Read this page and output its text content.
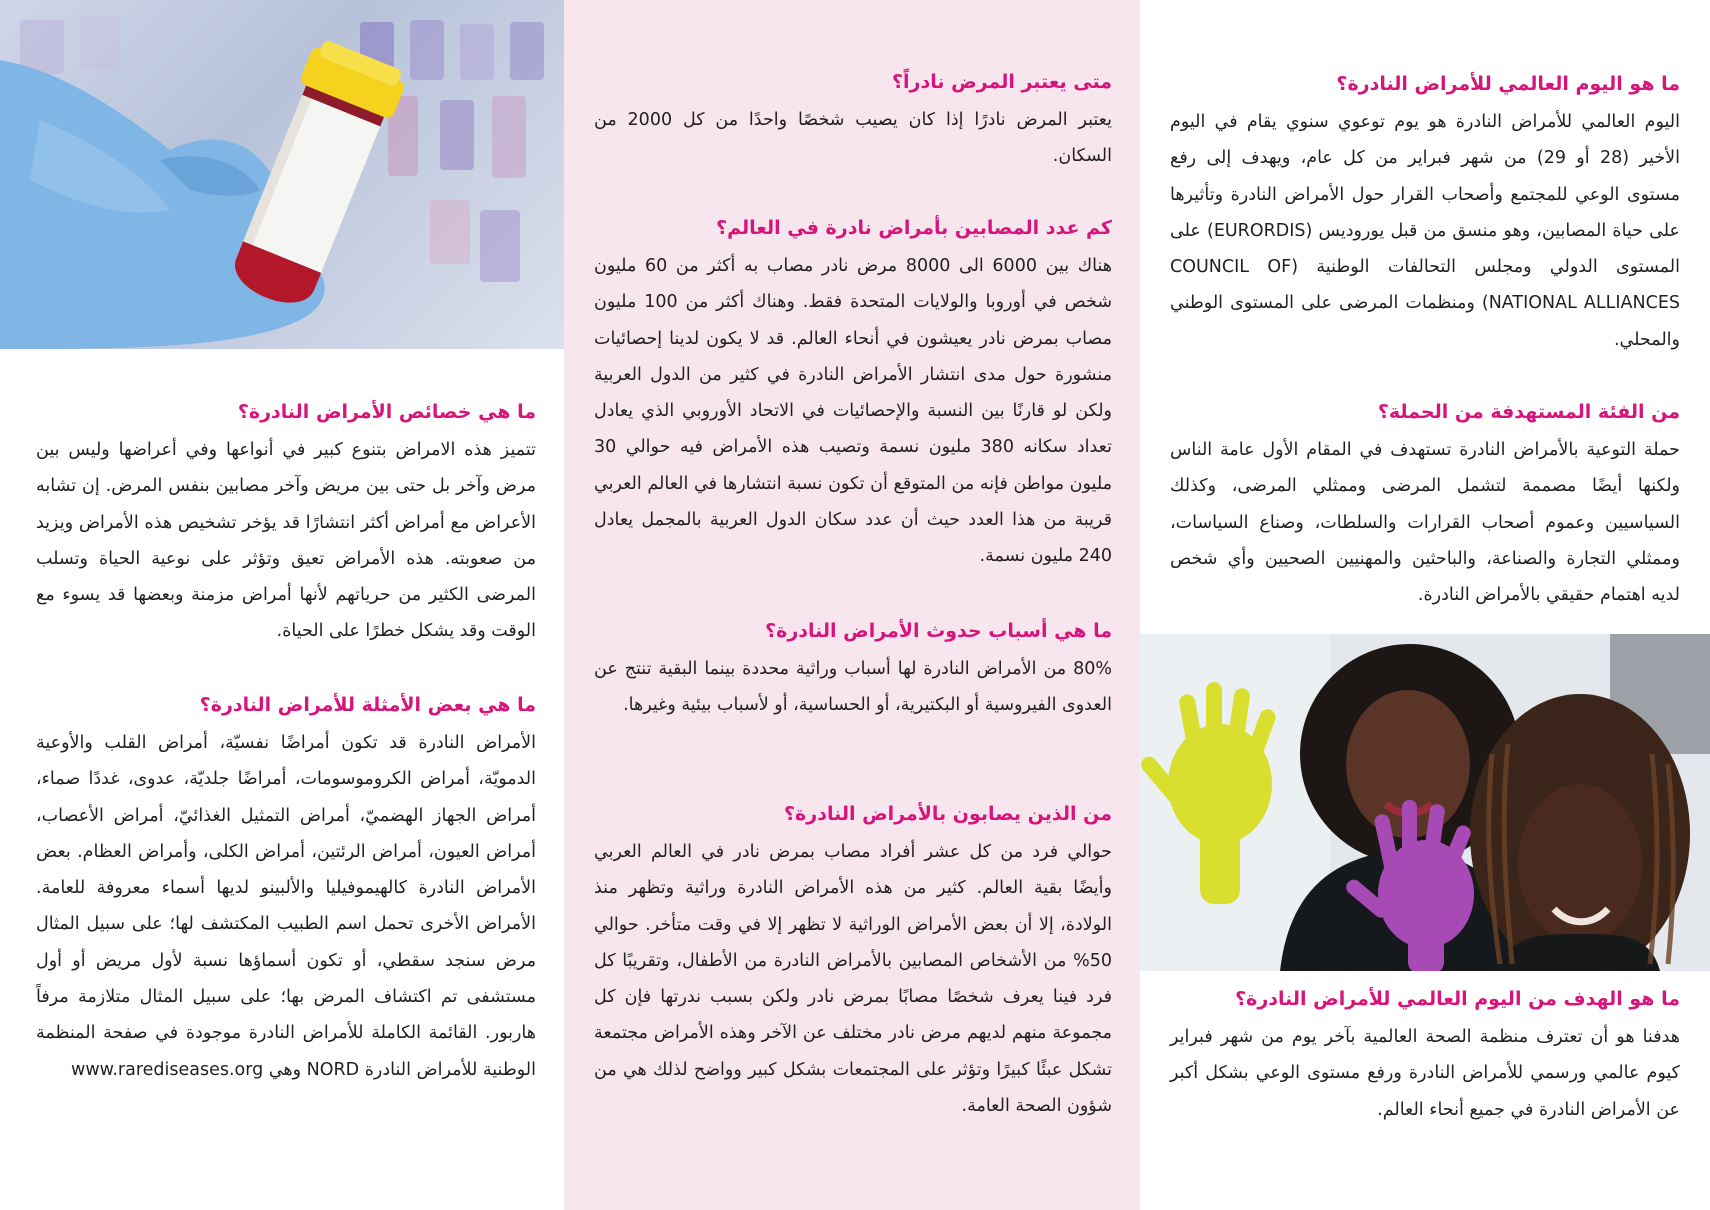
ما هي خصائص الأمراض النادرة؟

تتميز هذه الامراض بتنوع كبير في أنواعها وفي أعراضها وليس بين مرض وآخر بل حتى بين مريض وآخر مصابين بنفس المرض. إن تشابه الأعراض مع أمراض أكثر انتشارًا قد يؤخر تشخيص هذه الأمراض ويزيد من صعوبته. هذه الأمراض تعيق وتؤثر على نوعية الحياة وتسلب المرضى الكثير من حرياتهم لأنها أمراض مزمنة وبعضها قد يسوء مع الوقت وقد يشكل خطرًا على الحياة.

ما هي بعض الأمثلة للأمراض النادرة؟

الأمراض النادرة قد تكون أمراضًا نفسيّة، أمراض القلب والأوعية الدمويّة، أمراض الكروموسومات، أمراضًا جلديّة، عدوى، غددًا صماء، أمراض الجهاز الهضميّ، أمراض التمثيل الغذائيّ، أمراض الأعصاب، أمراض العيون، أمراض الرئتين، أمراض الكلى، وأمراض العظام. بعض الأمراض النادرة كالهيموفيليا والألبينو لديها أسماء معروفة للعامة. الأمراض الأخرى تحمل اسم الطبيب المكتشف لها؛ على سبيل المثال مرض سنجد سقطي، أو تكون أسماؤها نسبة لأول مريض أو أول مستشفى تم اكتشاف المرض بها؛ على سبيل المثال متلازمة مرفاً هاربور. القائمة الكاملة للأمراض النادرة موجودة في صفحة المنظمة الوطنية للأمراض النادرة NORD وهي www.rarediseases.org

متى يعتبر المرض نادراً؟

يعتبر المرض نادرًا إذا كان يصيب شخصًا واحدًا من كل 2000 من السكان.

كم عدد المصابين بأمراض نادرة في العالم؟

هناك بين 6000 الى 8000 مرض نادر مصاب به أكثر من 60 مليون شخص في أوروبا والولايات المتحدة فقط. وهناك أكثر من 100 مليون مصاب بمرض نادر يعيشون في أنحاء العالم. قد لا يكون لدينا إحصائيات منشورة حول مدى انتشار الأمراض النادرة في كثير من الدول العربية ولكن لو قارنًا بين النسبة والإحصائيات في الاتحاد الأوروبي الذي يعادل تعداد سكانه 380 مليون نسمة وتصيب هذه الأمراض فيه حوالي 30 مليون مواطن فإنه من المتوقع أن تكون نسبة انتشارها في العالم العربي قريبة من هذا العدد حيث أن عدد سكان الدول العربية بالمجمل يعادل 240 مليون نسمة.

ما هي أسباب حدوث الأمراض النادرة؟

80% من الأمراض النادرة لها أسباب وراثية محددة بينما البقية تنتج عن العدوى الفيروسية أو البكتيرية، أو الحساسية، أو لأسباب بيئية وغيرها.

من الذين يصابون بالأمراض النادرة؟

حوالي فرد من كل عشر أفراد مصاب بمرض نادر في العالم العربي وأيضًا بقية العالم. كثير من هذه الأمراض النادرة وراثية وتظهر منذ الولادة، إلا أن بعض الأمراض الوراثية لا تظهر إلا في وقت متأخر. حوالي 50% من الأشخاص المصابين بالأمراض النادرة من الأطفال، وتقريبًا كل فرد فينا يعرف شخصًا مصابًا بمرض نادر ولكن بسبب ندرتها فإن كل مجموعة منهم لديهم مرض نادر مختلف عن الآخر وهذه الأمراض مجتمعة تشكل عبئًا كبيرًا وتؤثر على المجتمعات بشكل كبير وواضح لذلك هي من شؤون الصحة العامة.

ما هو اليوم العالمي للأمراض النادرة؟

اليوم العالمي للأمراض النادرة هو يوم توعوي سنوي يقام في اليوم الأخير (28 أو 29) من شهر فبراير من كل عام، ويهدف إلى رفع مستوى الوعي للمجتمع وأصحاب القرار حول الأمراض النادرة وتأثيرها على حياة المصابين، وهو منسق من قبل يوروديس (EURORDIS) على المستوى الدولي ومجلس التحالفات الوطنية (COUNCIL OF NATIONAL ALLIANCES) ومنظمات المرضى على المستوى الوطني والمحلي.

من الفئة المستهدفة من الحملة؟

حملة التوعية بالأمراض النادرة تستهدف في المقام الأول عامة الناس ولكنها أيضًا مصممة لتشمل المرضى وممثلي المرضى، وكذلك السياسيين وعموم أصحاب القرارات والسلطات، وصناع السياسات، وممثلي التجارة والصناعة، والباحثين والمهنيين الصحيين وأي شخص لديه اهتمام حقيقي بالأمراض النادرة.

ما هو الهدف من اليوم العالمي للأمراض النادرة؟

هدفنا هو أن تعترف منظمة الصحة العالمية بآخر يوم من شهر فبراير كيوم عالمي ورسمي للأمراض النادرة ورفع مستوى الوعي بشكل أكبر عن الأمراض النادرة في جميع أنحاء العالم.
